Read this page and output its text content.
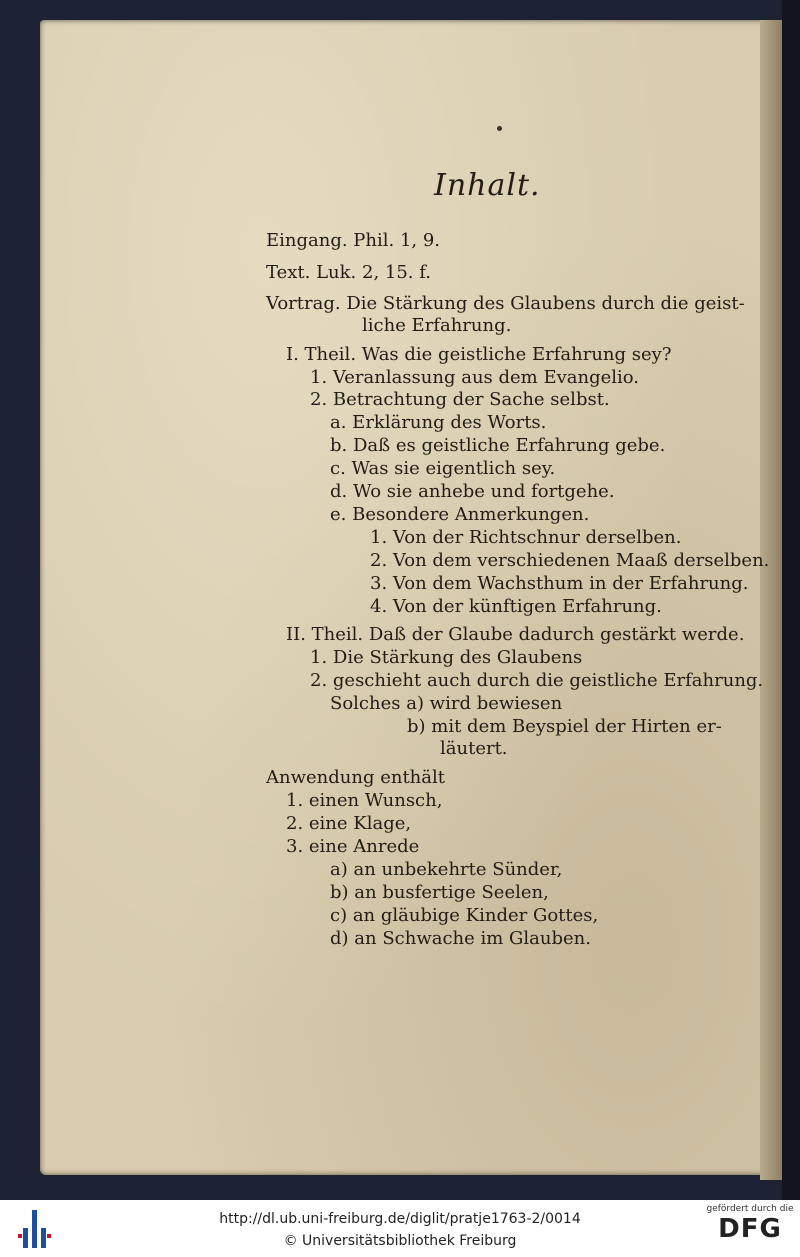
Inhalt.
Eingang. Phil. 1, 9.
Text. Luk. 2, 15. f.
Vortrag. Die Stärkung des Glaubens durch die geist-
liche Erfahrung.
I. Theil. Was die geistliche Erfahrung sey?
1. Veranlassung aus dem Evangelio.
2. Betrachtung der Sache selbst.
a. Erklärung des Worts.
b. Daß es geistliche Erfahrung gebe.
c. Was sie eigentlich sey.
d. Wo sie anhebe und fortgehe.
e. Besondere Anmerkungen.
1. Von der Richtschnur derselben.
2. Von dem verschiedenen Maaß derselben.
3. Von dem Wachsthum in der Erfahrung.
4. Von der künftigen Erfahrung.
II. Theil. Daß der Glaube dadurch gestärkt werde.
1. Die Stärkung des Glaubens
2. geschieht auch durch die geistliche Erfahrung.
Solches a) wird bewiesen
b) mit dem Beyspiel der Hirten er-
läutert.
Anwendung enthält
1. einen Wunsch,
2. eine Klage,
3. eine Anrede
a) an unbekehrte Sünder,
b) an busfertige Seelen,
c) an gläubige Kinder Gottes,
d) an Schwache im Glauben.
http://dl.ub.uni-freiburg.de/diglit/pratje1763-2/0014
© Universitätsbibliothek Freiburg
gefördert durch die
DFG
